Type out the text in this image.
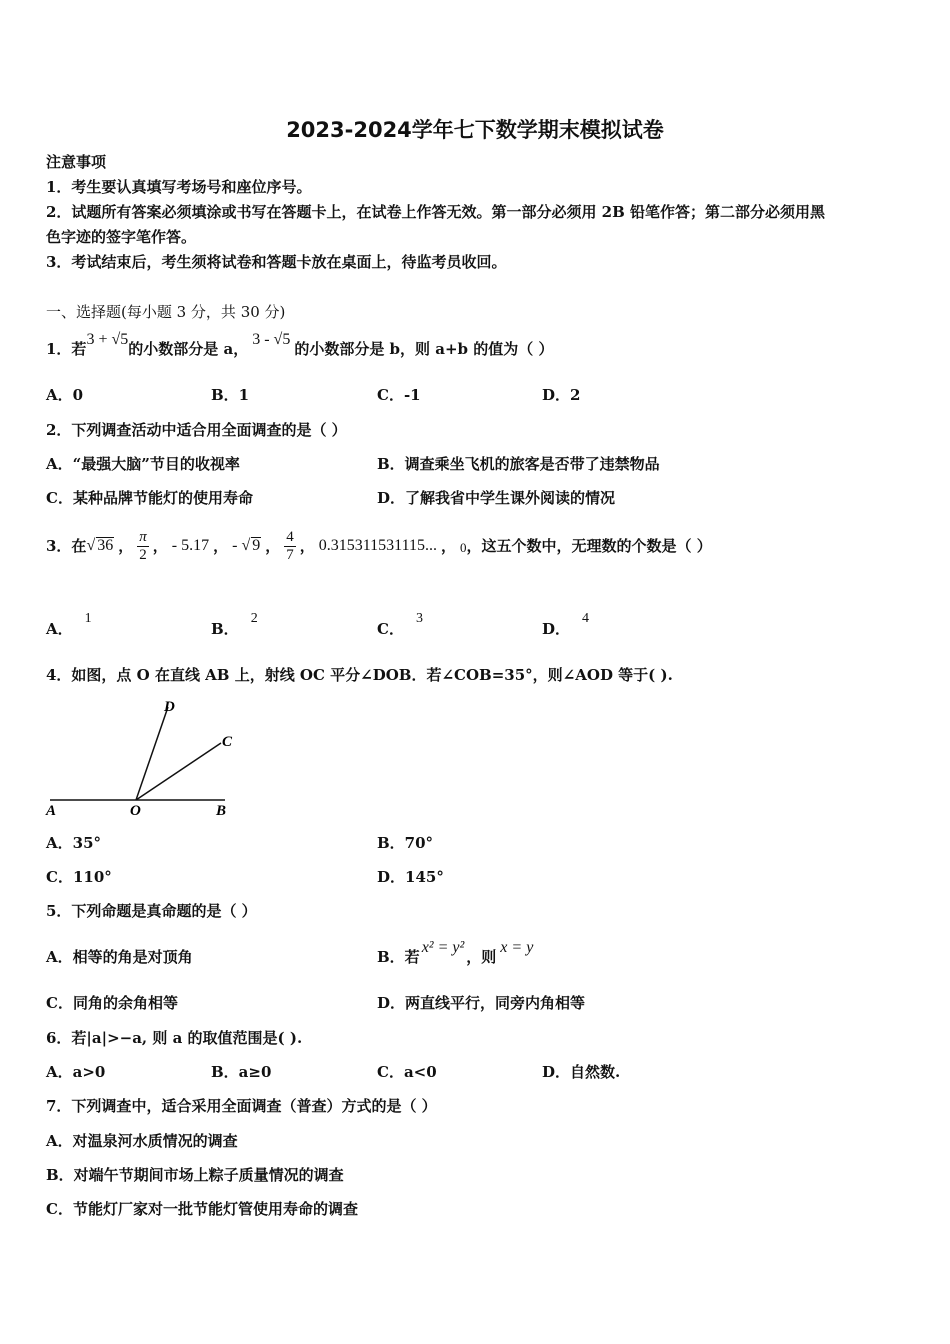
2023-2024学年七下数学期末模拟试卷
注意事项
1．考生要认真填写考场号和座位序号。
2．试题所有答案必须填涂或书写在答题卡上，在试卷上作答无效。第一部分必须用 2B 铅笔作答；第二部分必须用黑
色字迹的签字笔作答。
3．考试结束后，考生须将试卷和答题卡放在桌面上，待监考员收回。
一、选择题(每小题 3 分，共 30 分)
1．若3 + √5的小数部分是 a，3 - √5的小数部分是 b，则 a+b 的值为（ ）
A．0	B．1	C．-1	D．2
2．下列调查活动中适合用全面调查的是（ ）
A．“最强大脑”节目的收视率	B．调查乘坐飞机的旅客是否带了违禁物品
C．某种品牌节能灯的使用寿命	D．了解我省中学生课外阅读的情况
3．在 √ 36 ， $\frac{\pi}{2}$ ， - 5.17 ， - √ 9 ， $\frac{4}{7}$ ， 0.315311531115... ， 0 ，这五个数中，无理数的个数是（ ）
A．1
B．2
C．3
D．4
4．如图，点 O 在直线 AB 上，射线 OC 平分∠DOB．若∠COB=35°，则∠AOD 等于( ).
A	O	B
C
D
A．35°	B．70°
C．110°	D．145°
5．下列命题是真命题的是（ ）
A．相等的角是对顶角	B．若x² = y²，则x = y
C．同角的余角相等	D．两直线平行，同旁内角相等
6．若|a|>−a, 则 a 的取值范围是( ).
A．a>0	B．a≥0	C．a<0	D．自然数.
7．下列调查中，适合采用全面调查（普查）方式的是（ ）
A．对温泉河水质情况的调查
B．对端午节期间市场上粽子质量情况的调查
C．节能灯厂家对一批节能灯管使用寿命的调查
